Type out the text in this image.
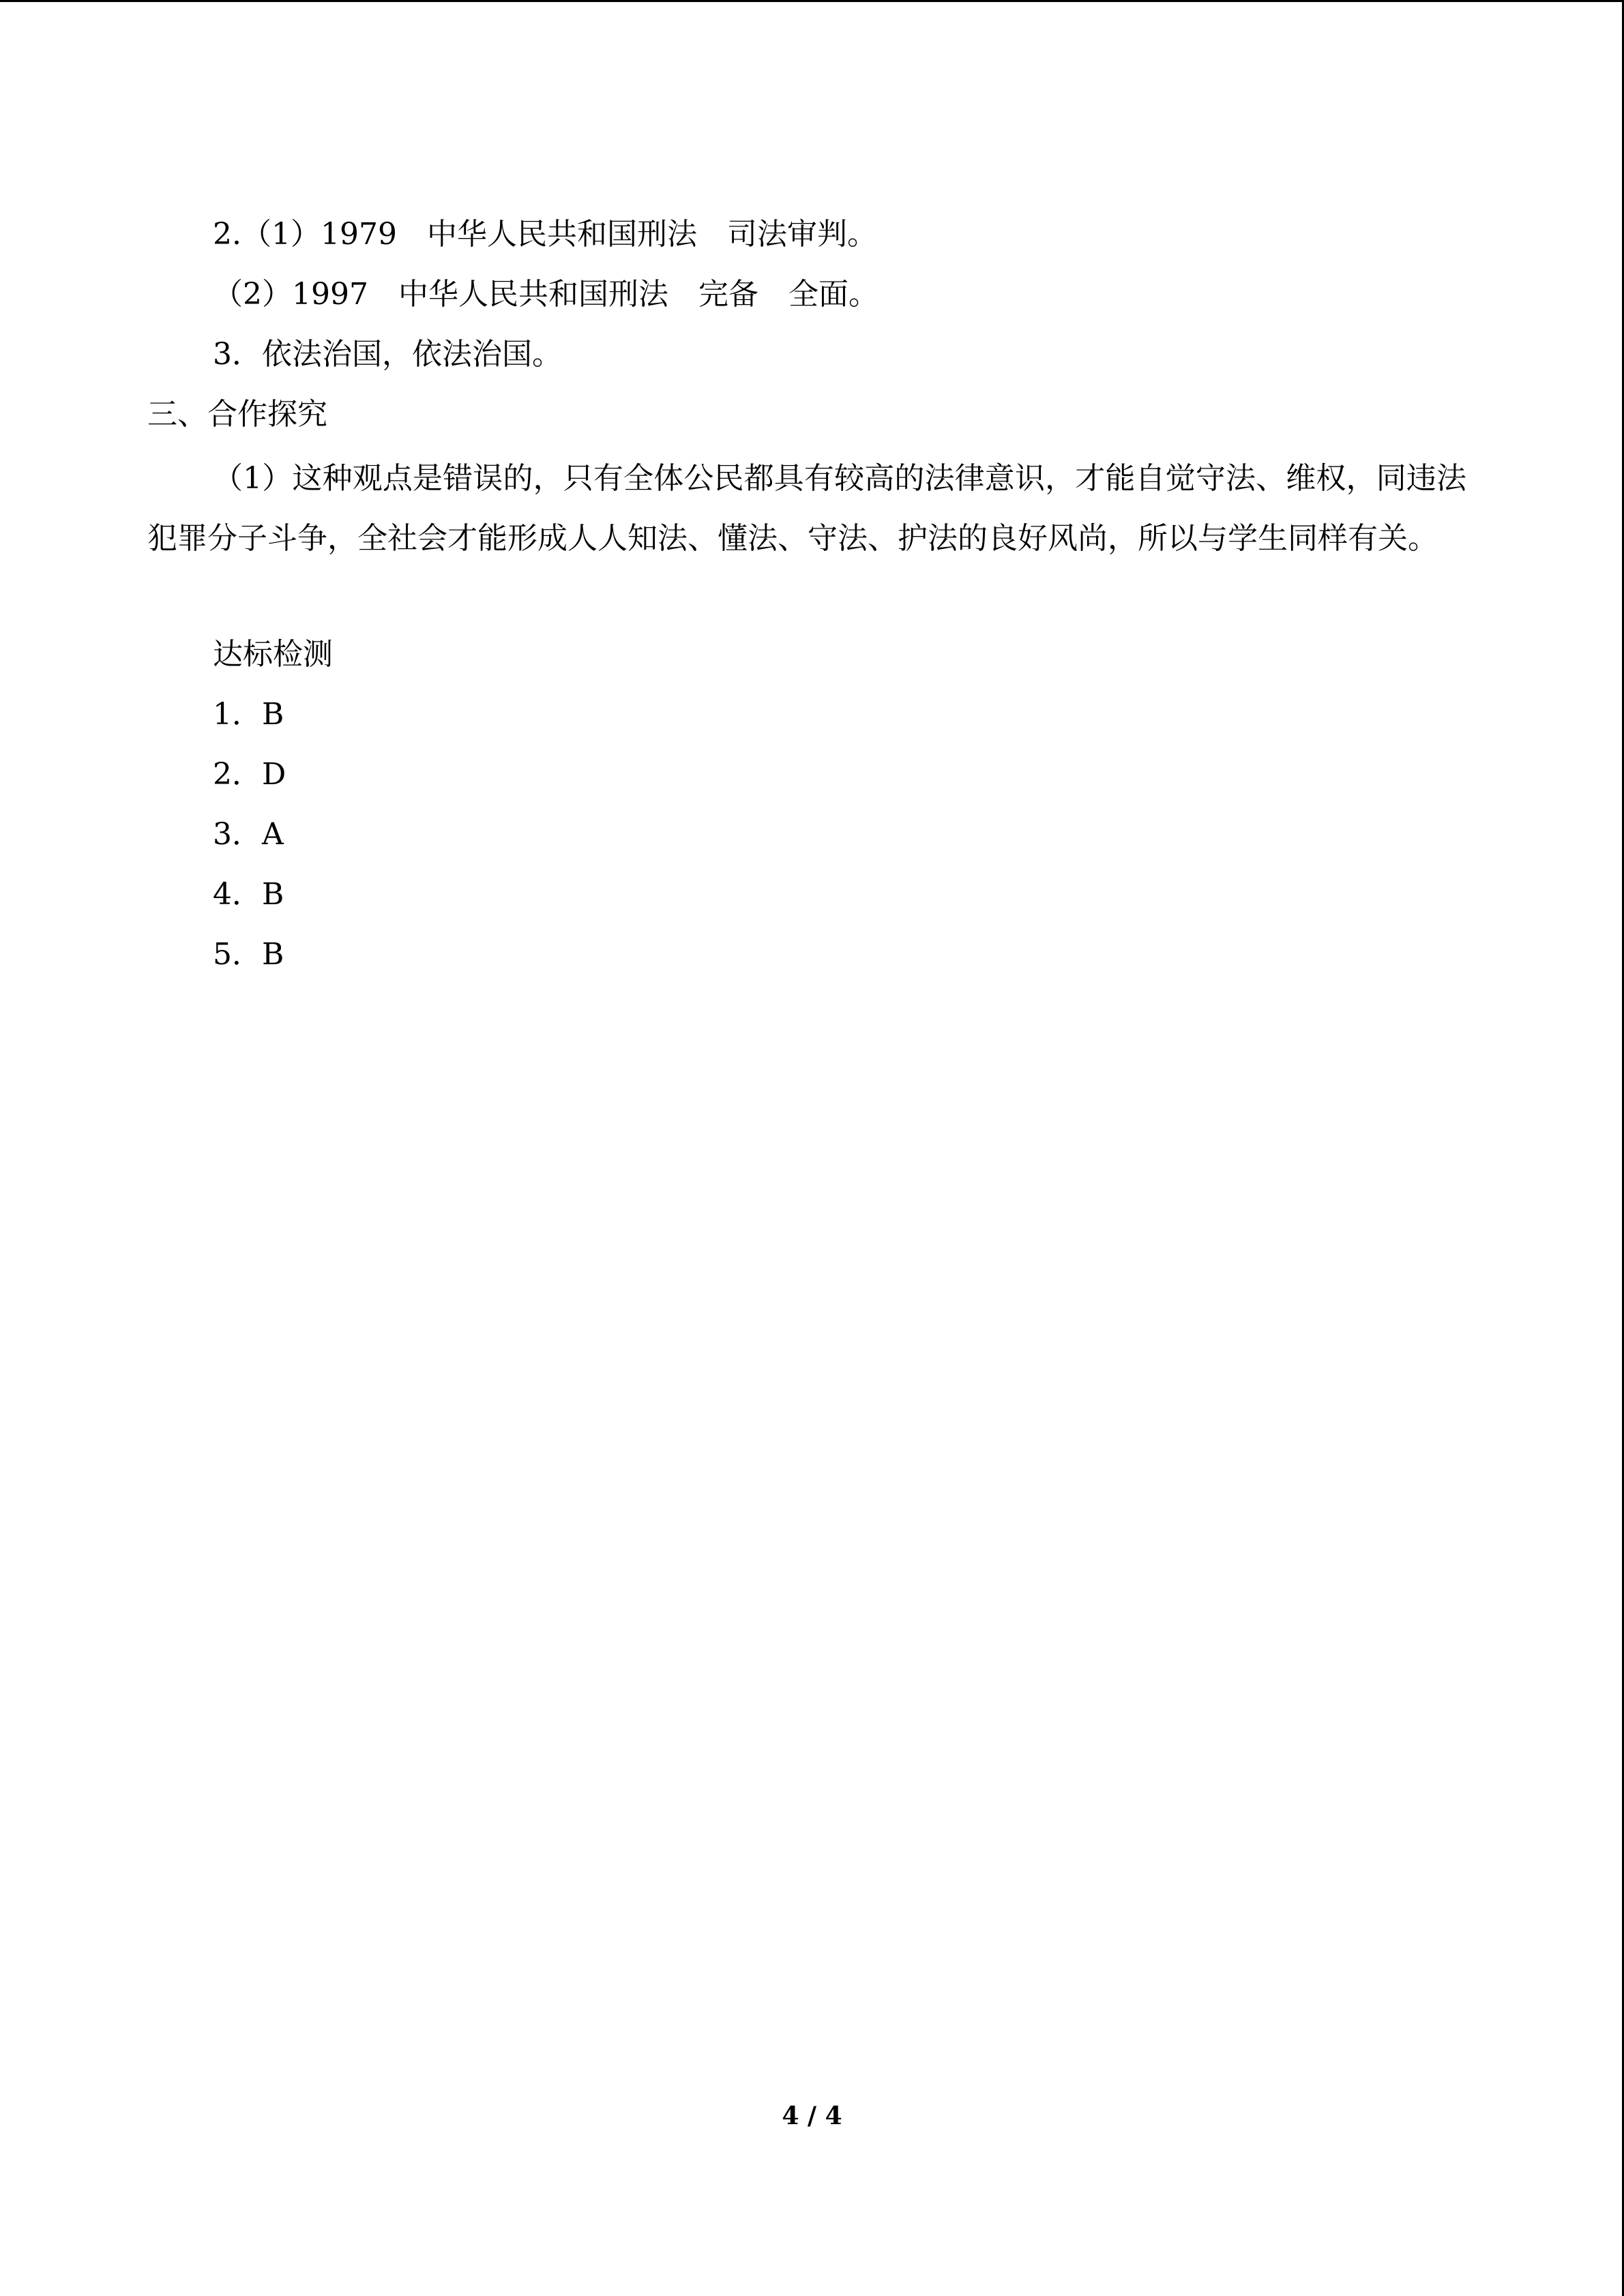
2.（1）1979　中华人民共和国刑法　司法审判。
（2）1997　中华人民共和国刑法　完备　全面。
3．依法治国，依法治国。
三、合作探究
（1）这种观点是错误的，只有全体公民都具有较高的法律意识，才能自觉守法、维权，同违法犯罪分子斗争，全社会才能形成人人知法、懂法、守法、护法的良好风尚，所以与学生同样有关。
达标检测
1．B
2．D
3．A
4．B
5．B
4 / 4
